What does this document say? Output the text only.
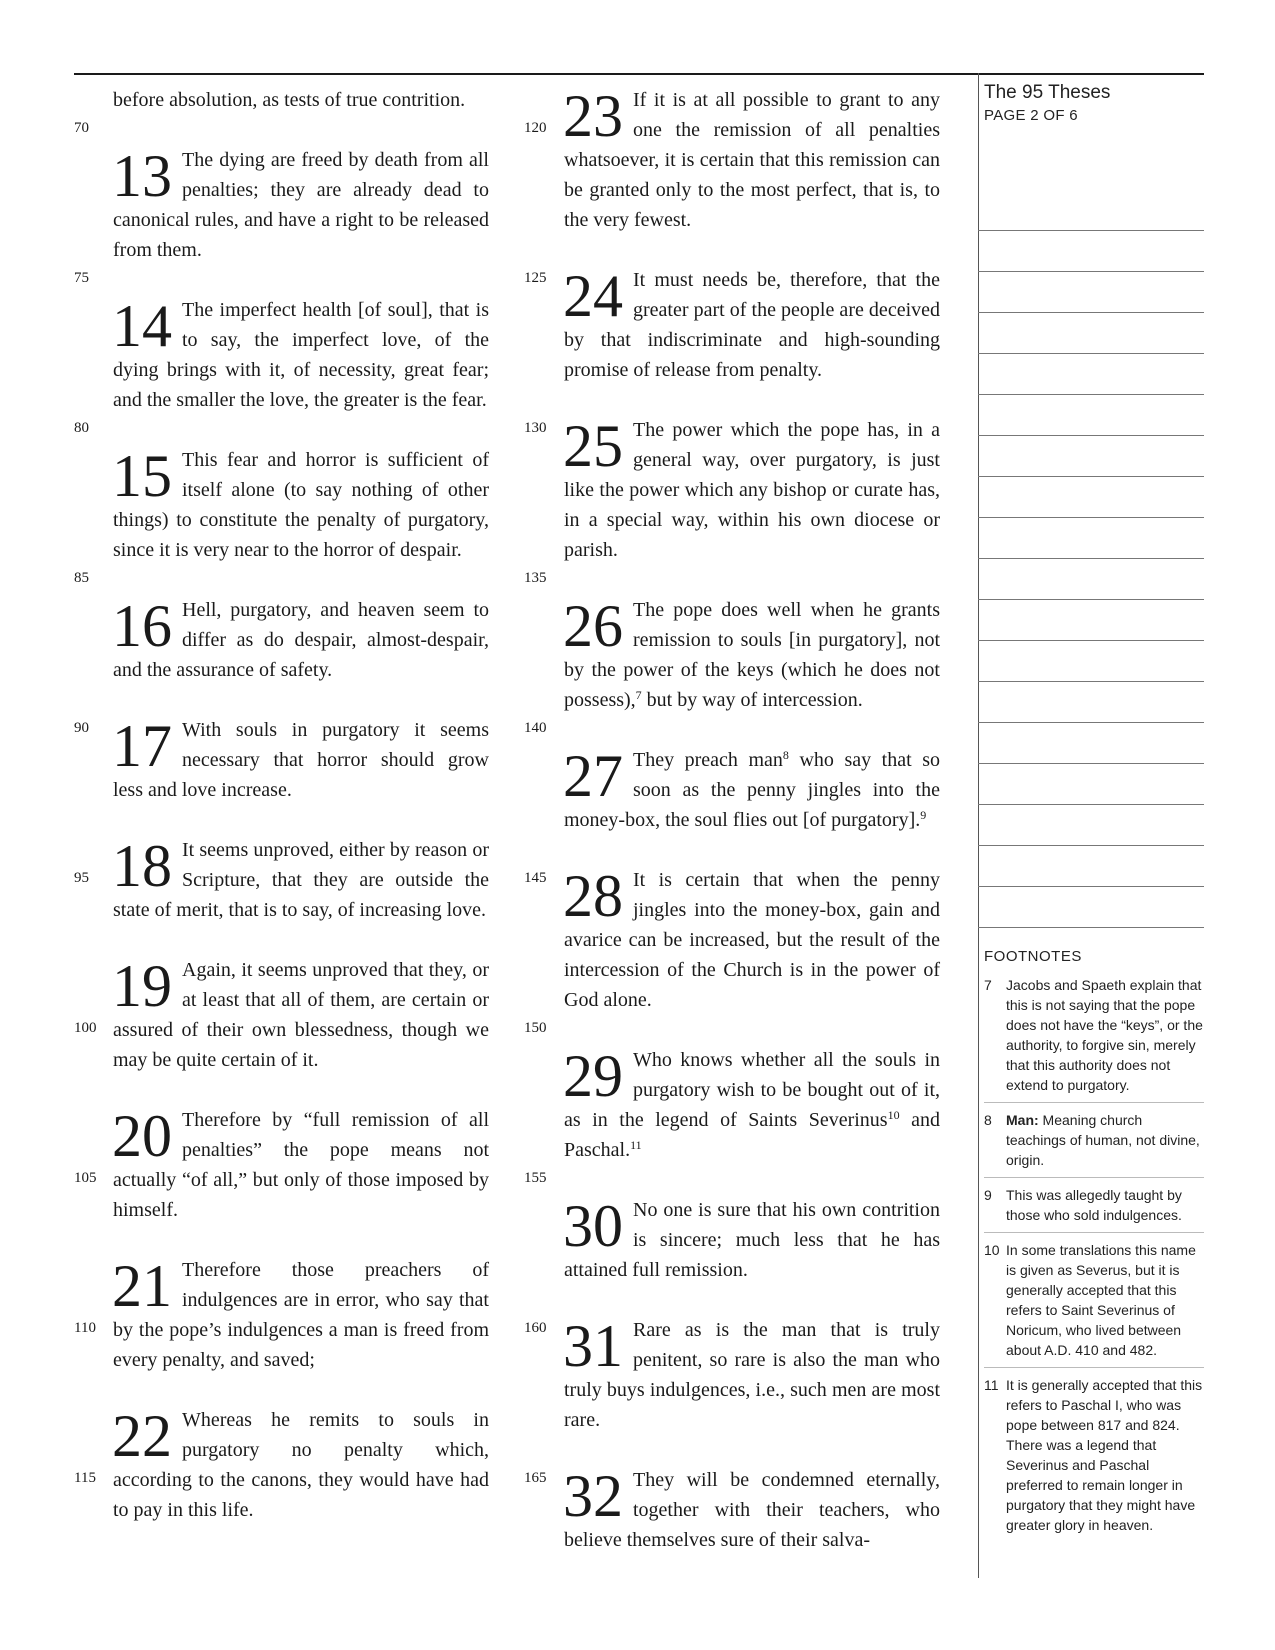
before absolution, as tests of true contrition.

13 The dying are freed by death from all penalties; they are already dead to canonical rules, and have a right to be released from them.

14 The imperfect health [of soul], that is to say, the imperfect love, of the dying brings with it, of necessity, great fear; and the smaller the love, the greater is the fear.

15 This fear and horror is sufficient of itself alone (to say nothing of other things) to constitute the penalty of purgatory, since it is very near to the horror of despair.

16 Hell, purgatory, and heaven seem to differ as do despair, almost-despair, and the assurance of safety.

17 With souls in purgatory it seems necessary that horror should grow less and love increase.

18 It seems unproved, either by reason or Scripture, that they are outside the state of merit, that is to say, of increasing love.

19 Again, it seems unproved that they, or at least that all of them, are certain or assured of their own blessedness, though we may be quite certain of it.

20 Therefore by “full remission of all penalties” the pope means not actually “of all,” but only of those imposed by himself.

21 Therefore those preachers of indulgences are in error, who say that by the pope’s indulgences a man is freed from every penalty, and saved;

22 Whereas he remits to souls in purgatory no penalty which, according to the canons, they would have had to pay in this life.

23 If it is at all possible to grant to any one the remission of all penalties whatsoever, it is certain that this remission can be granted only to the most perfect, that is, to the very fewest.

24 It must needs be, therefore, that the greater part of the people are deceived by that indiscriminate and high-sounding promise of release from penalty.

25 The power which the pope has, in a general way, over purgatory, is just like the power which any bishop or curate has, in a special way, within his own diocese or parish.

26 The pope does well when he grants remission to souls [in purgatory], not by the power of the keys (which he does not possess),$^7$ but by way of intercession.

27 They preach man$^8$ who say that so soon as the penny jingles into the money-box, the soul flies out [of purgatory].$^9$

28 It is certain that when the penny jingles into the money-box, gain and avarice can be increased, but the result of the intercession of the Church is in the power of God alone.

29 Who knows whether all the souls in purgatory wish to be bought out of it, as in the legend of Saints Severinus$^{10}$ and Paschal.$^{11}$

30 No one is sure that his own contrition is sincere; much less that he has attained full remission.

31 Rare as is the man that is truly penitent, so rare is also the man who truly buys indulgences, i.e., such men are most rare.

32 They will be condemned eternally, together with their teachers, who believe themselves sure of their salva-

70
75
80
85
90
95
100
105
110
115
120
125
130
135
140
145
150
155
160
165
The 95 Theses
PAGE 2 OF 6
FOOTNOTES
7	Jacobs and Spaeth explain that this is not saying that the pope does not have the “keys”, or the authority, to forgive sin, merely that this authority does not extend to purgatory.
8	Man: Meaning church teachings of human, not divine, origin.
9	This was allegedly taught by those who sold indulgences.
10 In some translations this name is given as Severus, but it is generally accepted that this refers to Saint Severinus of Noricum, who lived between about A.D. 410 and 482.
11 It is generally accepted that this refers to Paschal I, who was pope between 817 and 824. There was a legend that Severinus and Paschal preferred to remain longer in purgatory that they might have greater glory in heaven.
